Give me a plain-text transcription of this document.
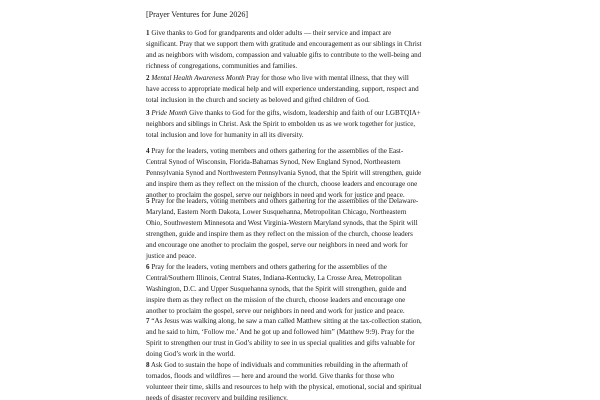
[Prayer Ventures for June 2026]
1 Give thanks to God for grandparents and older adults — their service and impact are
significant. Pray that we support them with gratitude and encouragement as our siblings in Christ
and as neighbors with wisdom, compassion and valuable gifts to contribute to the well-being and
richness of congregations, communities and families.
2 Mental Health Awareness Month Pray for those who live with mental illness, that they will
have access to appropriate medical help and will experience understanding, support, respect and
total inclusion in the church and society as beloved and gifted children of God.
3 Pride Month Give thanks to God for the gifts, wisdom, leadership and faith of our LGBTQIA+
neighbors and siblings in Christ. Ask the Spirit to embolden us as we work together for justice,
total inclusion and love for humanity in all its diversity.
4 Pray for the leaders, voting members and others gathering for the assemblies of the East-
Central Synod of Wisconsin, Florida-Bahamas Synod, New England Synod, Northeastern
Pennsylvania Synod and Northwestern Pennsylvania Synod, that the Spirit will strengthen, guide
and inspire them as they reflect on the mission of the church, choose leaders and encourage one
another to proclaim the gospel, serve our neighbors in need and work for justice and peace.
5 Pray for the leaders, voting members and others gathering for the assemblies of the Delaware-
Maryland, Eastern North Dakota, Lower Susquehanna, Metropolitan Chicago, Northeastern
Ohio, Southwestern Minnesota and West Virginia-Western Maryland synods, that the Spirit will
strengthen, guide and inspire them as they reflect on the mission of the church, choose leaders
and encourage one another to proclaim the gospel, serve our neighbors in need and work for
justice and peace.
6 Pray for the leaders, voting members and others gathering for the assemblies of the
Central/Southern Illinois, Central States, Indiana-Kentucky, La Crosse Area, Metropolitan
Washington, D.C. and Upper Susquehanna synods, that the Spirit will strengthen, guide and
inspire them as they reflect on the mission of the church, choose leaders and encourage one
another to proclaim the gospel, serve our neighbors in need and work for justice and peace.
7 “As Jesus was walking along, he saw a man called Matthew sitting at the tax-collection station,
and he said to him, ‘Follow me.’ And he got up and followed him” (Matthew 9:9). Pray for the
Spirit to strengthen our trust in God’s ability to see in us special qualities and gifts valuable for
doing God’s work in the world.
8 Ask God to sustain the hope of individuals and communities rebuilding in the aftermath of
tornados, floods and wildfires — here and around the world. Give thanks for those who
volunteer their time, skills and resources to help with the physical, emotional, social and spiritual
needs of disaster recovery and building resiliency.
